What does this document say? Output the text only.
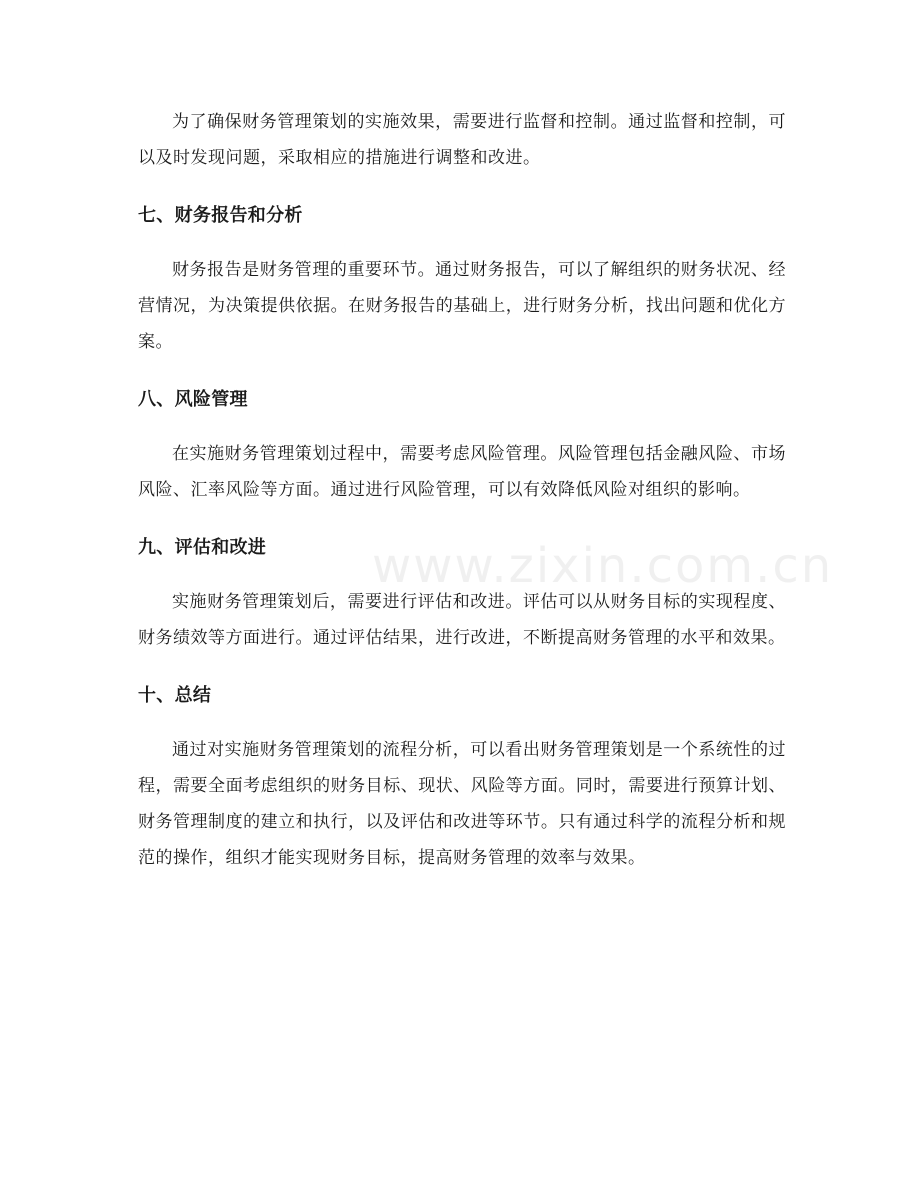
为了确保财务管理策划的实施效果，需要进行监督和控制。通过监督和控制，可以及时发现问题，采取相应的措施进行调整和改进。

七、财务报告和分析

财务报告是财务管理的重要环节。通过财务报告，可以了解组织的财务状况、经营情况，为决策提供依据。在财务报告的基础上，进行财务分析，找出问题和优化方案。

八、风险管理

在实施财务管理策划过程中，需要考虑风险管理。风险管理包括金融风险、市场风险、汇率风险等方面。通过进行风险管理，可以有效降低风险对组织的影响。

九、评估和改进

实施财务管理策划后，需要进行评估和改进。评估可以从财务目标的实现程度、财务绩效等方面进行。通过评估结果，进行改进，不断提高财务管理的水平和效果。

十、总结

通过对实施财务管理策划的流程分析，可以看出财务管理策划是一个系统性的过程，需要全面考虑组织的财务目标、现状、风险等方面。同时，需要进行预算计划、财务管理制度的建立和执行，以及评估和改进等环节。只有通过科学的流程分析和规范的操作，组织才能实现财务目标，提高财务管理的效率与效果。

www.zixin.com.cn
